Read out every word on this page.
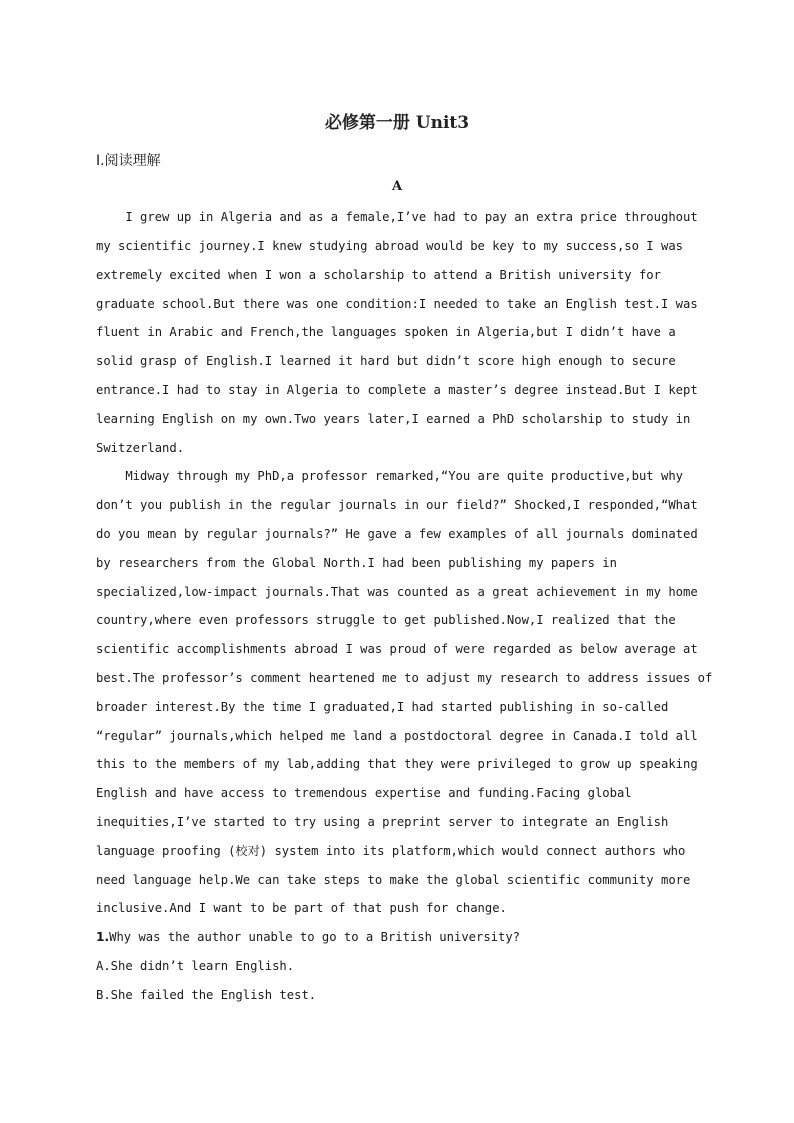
必修第一册 Unit3
Ⅰ.阅读理解
A
I grew up in Algeria and as a female,I’ve had to pay an extra price throughout
my scientific journey.I knew studying abroad would be key to my success,so I was
extremely excited when I won a scholarship to attend a British university for
graduate school.But there was one condition:I needed to take an English test.I was
fluent in Arabic and French,the languages spoken in Algeria,but I didn’t have a
solid grasp of English.I learned it hard but didn’t score high enough to secure
entrance.I had to stay in Algeria to complete a master’s degree instead.But I kept
learning English on my own.Two years later,I earned a PhD scholarship to study in
Switzerland.
Midway through my PhD,a professor remarked,“You are quite productive,but why
don’t you publish in the regular journals in our field?” Shocked,I responded,“What
do you mean by regular journals?” He gave a few examples of all journals dominated
by researchers from the Global North.I had been publishing my papers in
specialized,low-impact journals.That was counted as a great achievement in my home
country,where even professors struggle to get published.Now,I realized that the
scientific accomplishments abroad I was proud of were regarded as below average at
best.The professor’s comment heartened me to adjust my research to address issues of
broader interest.By the time I graduated,I had started publishing in so-called
“regular” journals,which helped me land a postdoctoral degree in Canada.I told all
this to the members of my lab,adding that they were privileged to grow up speaking
English and have access to tremendous expertise and funding.Facing global
inequities,I’ve started to try using a preprint server to integrate an English
language proofing (校对) system into its platform,which would connect authors who
need language help.We can take steps to make the global scientific community more
inclusive.And I want to be part of that push for change.
1.Why was the author unable to go to a British university?
A.She didn’t learn English.
B.She failed the English test.
